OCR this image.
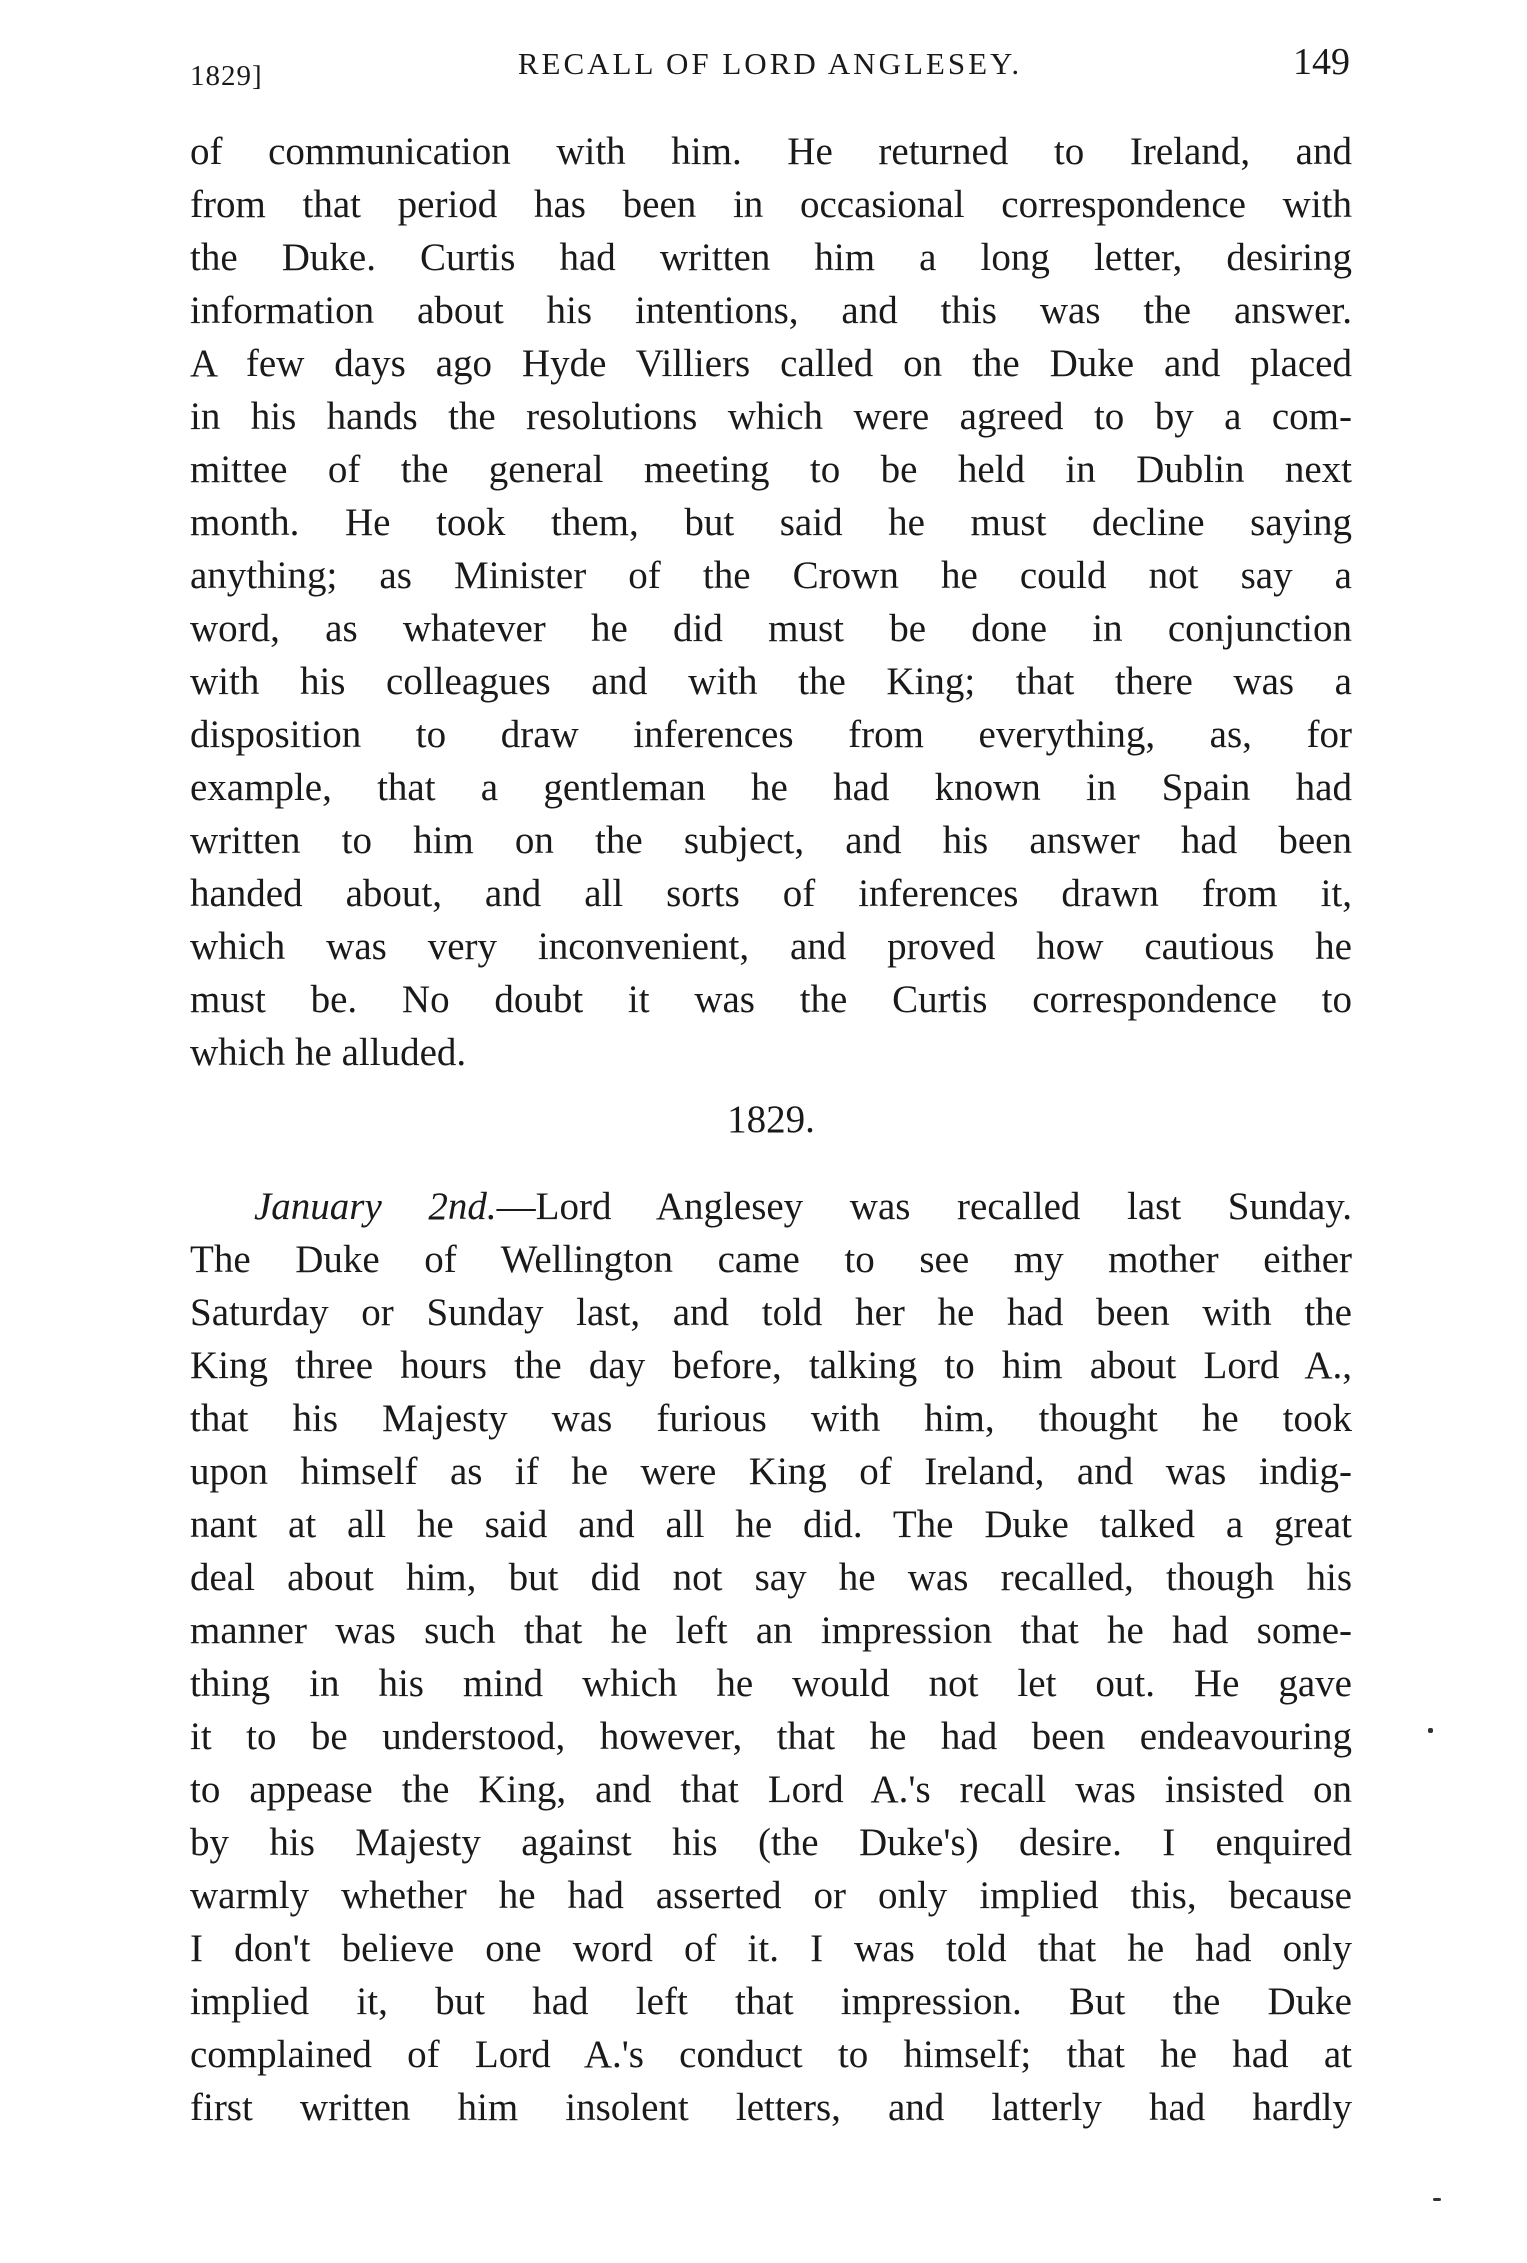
1829]	RECALL OF LORD ANGLESEY.	149
of communication with him. He returned to Ireland, and
from that period has been in occasional correspondence with
the Duke. Curtis had written him a long letter, desiring
information about his intentions, and this was the answer.
A few days ago Hyde Villiers called on the Duke and placed
in his hands the resolutions which were agreed to by a com-
mittee of the general meeting to be held in Dublin next
month. He took them, but said he must decline saying
anything; as Minister of the Crown he could not say a
word, as whatever he did must be done in conjunction
with his colleagues and with the King; that there was a
disposition to draw inferences from everything, as, for
example, that a gentleman he had known in Spain had
written to him on the subject, and his answer had been
handed about, and all sorts of inferences drawn from it,
which was very inconvenient, and proved how cautious he
must be. No doubt it was the Curtis correspondence to
which he alluded.
1829.
January 2nd.—Lord Anglesey was recalled last Sunday.
The Duke of Wellington came to see my mother either
Saturday or Sunday last, and told her he had been with the
King three hours the day before, talking to him about Lord A.,
that his Majesty was furious with him, thought he took
upon himself as if he were King of Ireland, and was indig-
nant at all he said and all he did. The Duke talked a great
deal about him, but did not say he was recalled, though his
manner was such that he left an impression that he had some-
thing in his mind which he would not let out. He gave
it to be understood, however, that he had been endeavouring
to appease the King, and that Lord A.'s recall was insisted on
by his Majesty against his (the Duke's) desire. I enquired
warmly whether he had asserted or only implied this, because
I don't believe one word of it. I was told that he had only
implied it, but had left that impression. But the Duke
complained of Lord A.'s conduct to himself; that he had at
first written him insolent letters, and latterly had hardly
